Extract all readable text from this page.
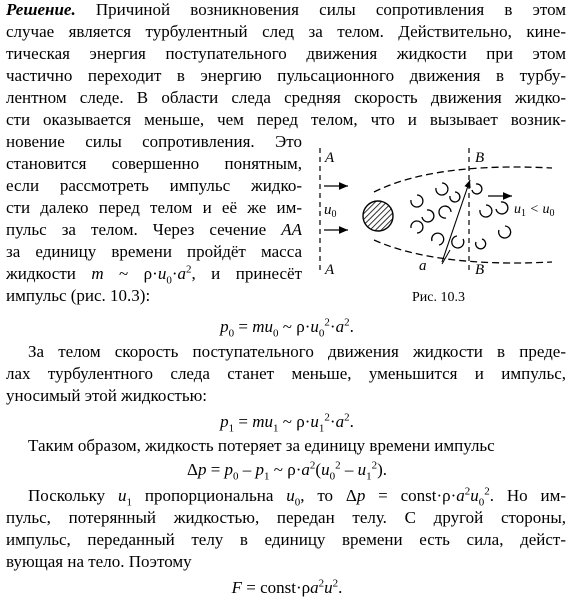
Решение. Причиной возникновения силы сопротивления в этом
случае является турбулентный след за телом. Действительно, кине-
тическая энергия поступательного движения жидкости при этом
частично переходит в энергию пульсационного движения в турбу-
лентном следе. В области следа средняя скорость движения жидко-
сти оказывается меньше, чем перед телом, что и вызывает возник-
новение силы сопротивления. Это
становится совершенно понятным,
если рассмотреть импульс жидко-
сти далеко перед телом и её же им-
пульс за телом. Через сечение AA
за единицу времени пройдёт масса
жидкости m ~ $\rho\cdot u_0\cdot a^2$, и принесёт
импульс (рис. 10.3):
A
A
B
B
$u_0$	$u_1 < u_0$
a
Рис. 10.3
$p_0 = mu_0$ ~ $\rho\cdot u_0^2\cdot a^2$.
За телом скорость поступательного движения жидкости в преде-
лах турбулентного следа станет меньше, уменьшится и импульс,
уносимый этой жидкостью:
$p_1 = mu_1$ ~ $\rho\cdot u_1^2\cdot a^2$.
Таким образом, жидкость потеряет за единицу времени импульс
$\Delta p = p_0 - p_1$ ~ $\rho\cdot a^2(u_0^2 - u_1^2)$.
Поскольку $u_1$ пропорциональна $u_0$, то $\Delta p = const\cdot\rho\cdot a^2u_0^2$. Но им-
пульс, потерянный жидкостью, передан телу. С другой стороны,
импульс, переданный телу в единицу времени есть сила, дейст-
вующая на тело. Поэтому
$F = const\cdot\rho a^2u^2$.
